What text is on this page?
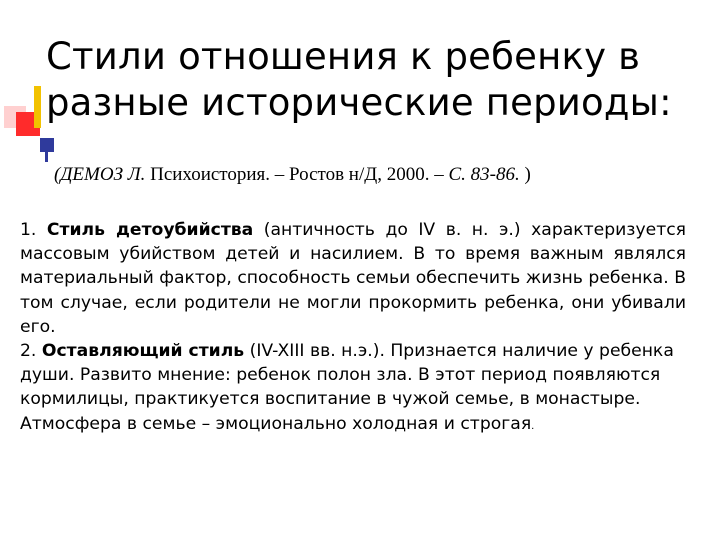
Стили отношения к ребенку в
разные исторические периоды:
(ДЕМОЗ Л. Психоистория. – Ростов н/Д, 2000. – С. 83-86. )

1. Стиль детоубийства (античность до IV в. н. э.) характеризуется массовым убийством детей и насилием. В то время важным являлся материальный фактор, способность семьи обеспечить жизнь ребенка. В том случае, если родители не могли прокормить ребенка, они убивали его.

2. Оставляющий стиль (IV-XIII вв. н.э.). Признается наличие у ребенка души. Развито мнение: ребенок полон зла. В этот период появляются кормилицы, практикуется воспитание в чужой семье, в монастыре. Атмосфера в семье – эмоционально холодная и строгая.
